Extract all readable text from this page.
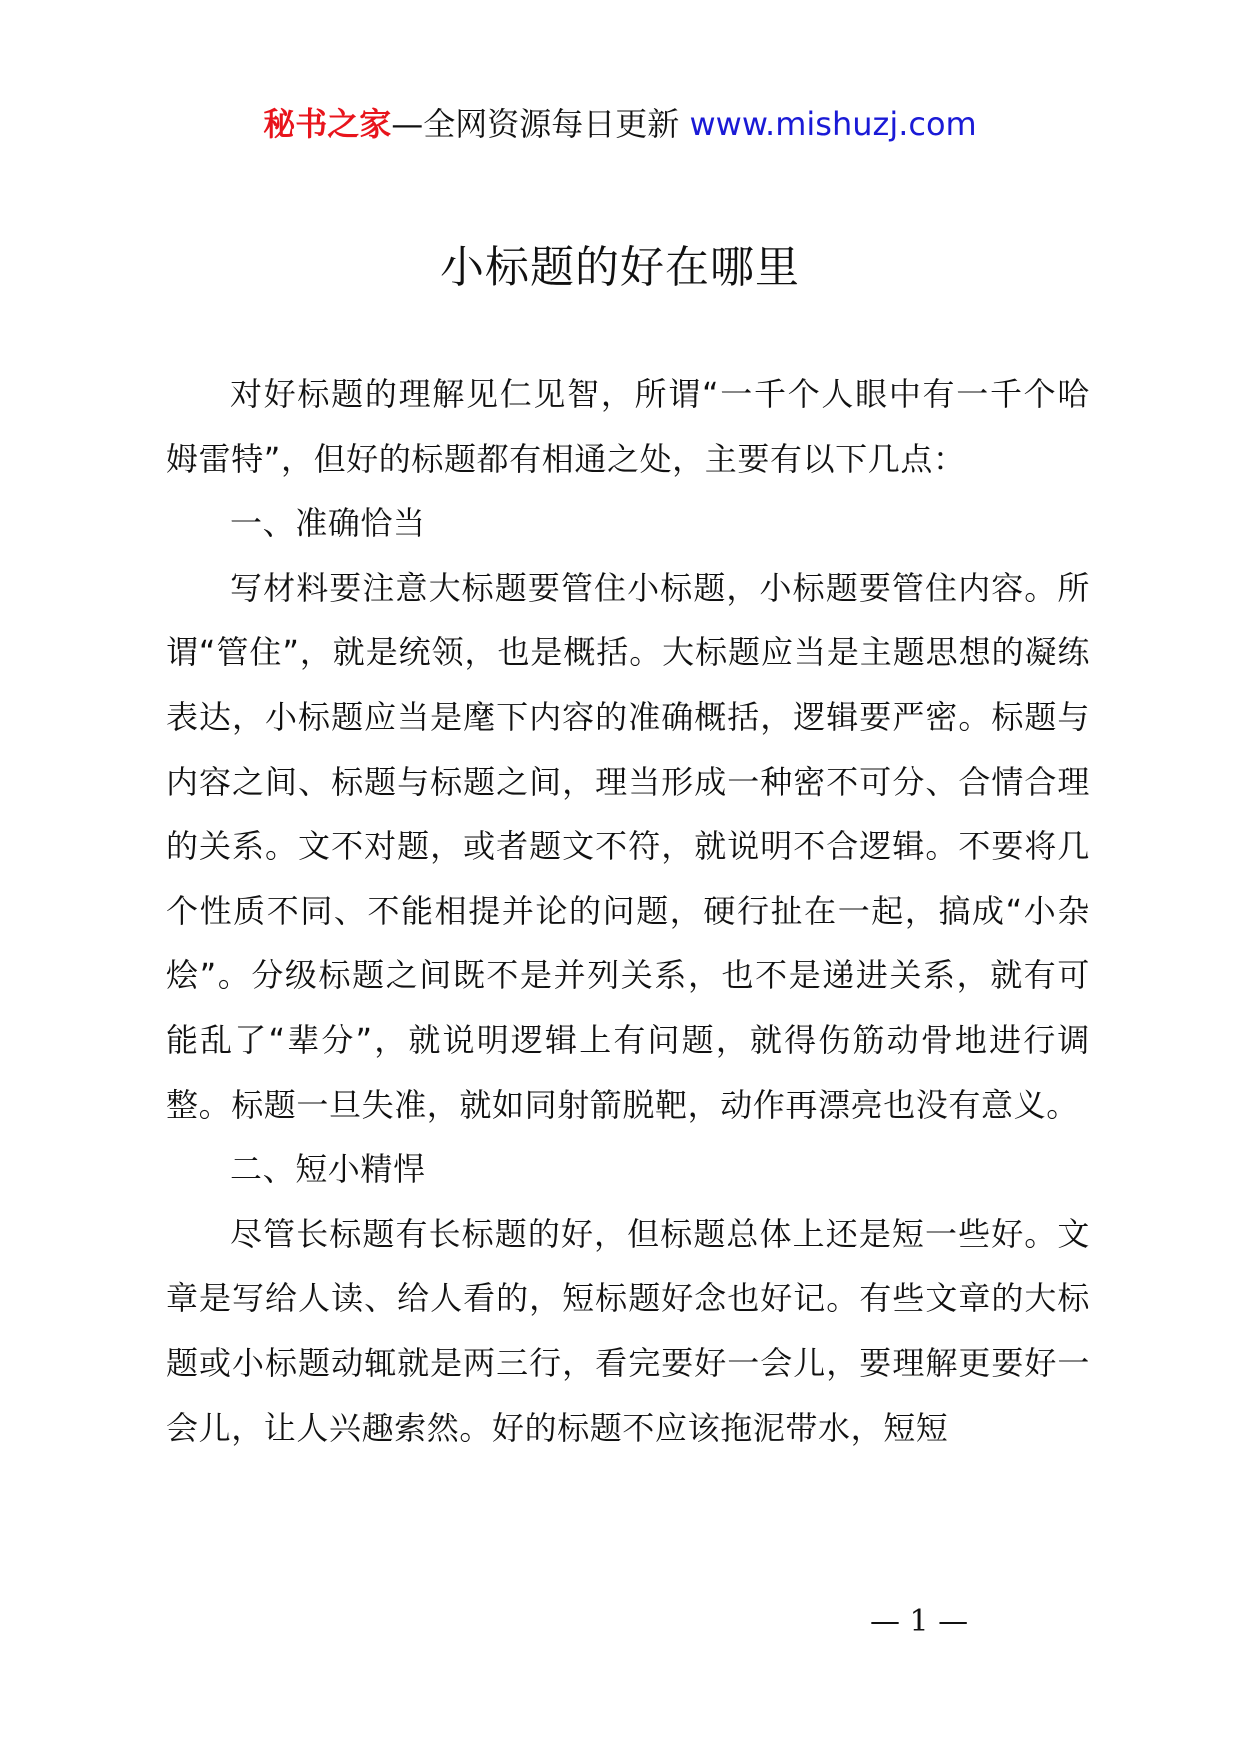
秘书之家—全网资源每日更新 www.mishuzj.com
小标题的好在哪里

对好标题的理解见仁见智，所谓“一千个人眼中有一千个哈姆雷特”，但好的标题都有相通之处，主要有以下几点：

一、准确恰当

写材料要注意大标题要管住小标题，小标题要管住内容。所谓“管住”，就是统领，也是概括。大标题应当是主题思想的凝练表达，小标题应当是麾下内容的准确概括，逻辑要严密。标题与内容之间、标题与标题之间，理当形成一种密不可分、合情合理的关系。文不对题，或者题文不符，就说明不合逻辑。不要将几个性质不同、不能相提并论的问题，硬行扯在一起，搞成“小杂烩”。分级标题之间既不是并列关系，也不是递进关系，就有可能乱了“辈分”，就说明逻辑上有问题，就得伤筋动骨地进行调整。标题一旦失准，就如同射箭脱靶，动作再漂亮也没有意义。

二、短小精悍

尽管长标题有长标题的好，但标题总体上还是短一些好。文章是写给人读、给人看的，短标题好念也好记。有些文章的大标题或小标题动辄就是两三行，看完要好一会儿，要理解更要好一会儿，让人兴趣索然。好的标题不应该拖泥带水，短短

— 1 —
